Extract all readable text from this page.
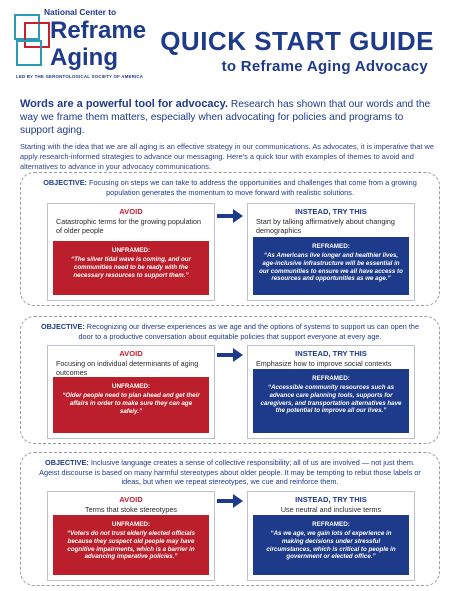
National Center to
Reframe
Aging
LED BY THE GERONTOLOGICAL SOCIETY OF AMERICA
QUICK START GUIDE
to Reframe Aging Advocacy
Words are a powerful tool for advocacy. Research has shown that our words and the way we frame them matters, especially when advocating for policies and programs to support aging.
Starting with the idea that we are all aging is an effective strategy in our communications. As advocates, it is imperative that we apply research-informed strategies to advance our messaging. Here’s a quick tour with examples of themes to avoid and alternatives to advance in your advocacy communications.
OBJECTIVE: Focusing on steps we can take to address the opportunities and challenges that come from a growing population generates the momentum to move forward with realistic solutions.
AVOID
Catastrophic terms for the growing population of older people
UNFRAMED:
“The silver tidal wave is coming, and our communities need to be ready with the necessary resources to support them.”
INSTEAD, TRY THIS
Start by talking affirmatively about changing demographics
REFRAMED:
“As Americans live longer and healthier lives, age-inclusive infrastructure will be essential in our communities to ensure we all have access to resources and opportunities as we age.”
OBJECTIVE: Recognizing our diverse experiences as we age and the options of systems to support us can open the door to a productive conversation about equitable policies that support everyone at every age.
AVOID
Focusing on individual determinants of aging outcomes
UNFRAMED:
“Older people need to plan ahead and get their affairs in order to make sure they can age safely.”
INSTEAD, TRY THIS
Emphasize how to improve social contexts
REFRAMED:
“Accessible community resources such as advance care planning tools, supports for caregivers, and transportation alternatives have the potential to improve all our lives.”
OBJECTIVE: Inclusive language creates a sense of collective responsibility; all of us are involved — not just them. Ageist discourse is based on many harmful stereotypes about older people. It may be tempting to rebut those labels or ideas, but when we repeat stereotypes, we cue and reinforce them.
AVOID
Terms that stoke stereotypes
UNFRAMED:
“Voters do not trust elderly elected officials because they suspect old people may have cognitive impairments, which is a barrier in advancing imperative policies.”
INSTEAD, TRY THIS
Use neutral and inclusive terms
REFRAMED:
“As we age, we gain lots of experience in making decisions under stressful circumstances, which is critical to people in government or elected office.”
